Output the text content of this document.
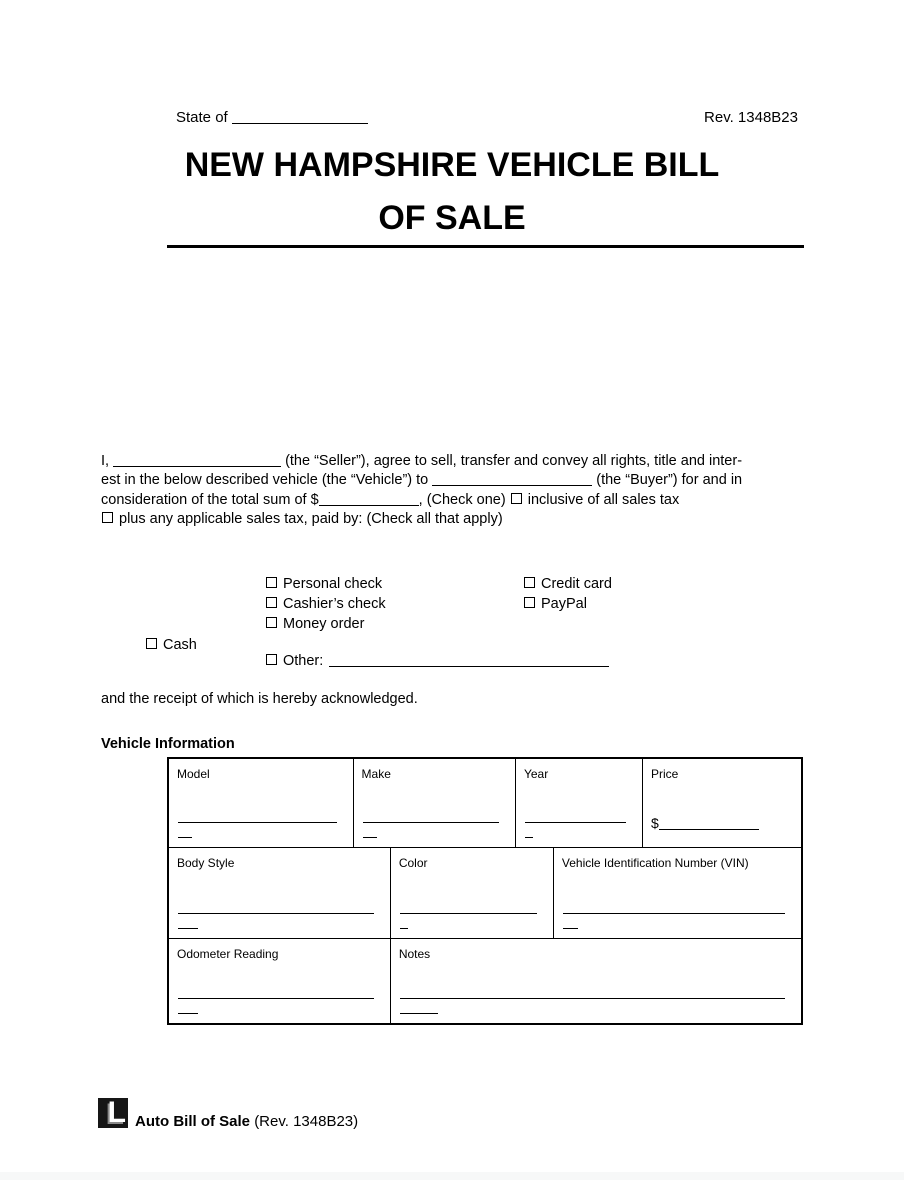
State of	Rev. 1348B23
NEW HAMPSHIRE VEHICLE BILL
OF SALE
I,	(the “Seller”), agree to sell, transfer and convey all rights, title and inter-
est in the below described vehicle (the “Vehicle”) to	(the “Buyer”) for and in
consideration of the total sum of $	, (Check one) inclusive of all sales tax
plus any applicable sales tax, paid by: (Check all that apply)
Personal check
Cashier’s check
Money order
Credit card
PayPal
Cash
Other:
and the receipt of which is hereby acknowledged.
Vehicle Information
Model	Make	Year	Price
$
Body Style	Color	Vehicle Identification Number (VIN)
Odometer Reading	Notes
L Auto Bill of Sale (Rev. 1348B23)
